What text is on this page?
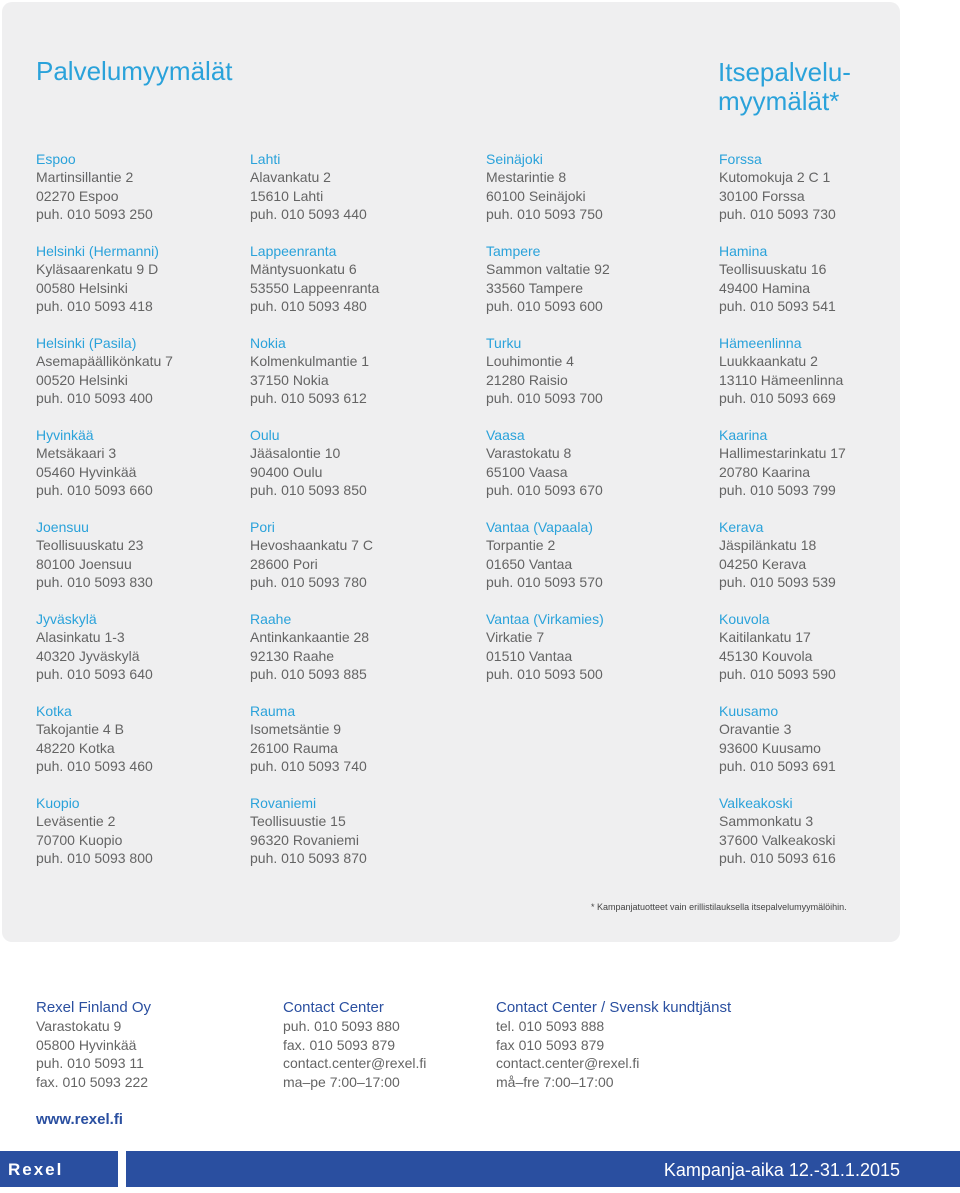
Palvelumyymälät	Itsepalvelu-
myymälät*
Espoo
Martinsillantie 2
02270 Espoo
puh. 010 5093 250
Helsinki (Hermanni)
Kyläsaarenkatu 9 D
00580 Helsinki
puh. 010 5093 418
Helsinki (Pasila)
Asemapäällikönkatu 7
00520 Helsinki
puh. 010 5093 400
Hyvinkää
Metsäkaari 3
05460 Hyvinkää
puh. 010 5093 660
Joensuu
Teollisuuskatu 23
80100 Joensuu
puh. 010 5093 830
Jyväskylä
Alasinkatu 1-3
40320 Jyväskylä
puh. 010 5093 640
Kotka
Takojantie 4 B
48220 Kotka
puh. 010 5093 460
Kuopio
Leväsentie 2
70700 Kuopio
puh. 010 5093 800
Lahti
Alavankatu 2
15610 Lahti
puh. 010 5093 440
Lappeenranta
Mäntysuonkatu 6
53550 Lappeenranta
puh. 010 5093 480
Nokia
Kolmenkulmantie 1
37150 Nokia
puh. 010 5093 612
Oulu
Jääsalontie 10
90400 Oulu
puh. 010 5093 850
Pori
Hevoshaankatu 7 C
28600 Pori
puh. 010 5093 780
Raahe
Antinkankaantie 28
92130 Raahe
puh. 010 5093 885
Rauma
Isometsäntie 9
26100 Rauma
puh. 010 5093 740
Rovaniemi
Teollisuustie 15
96320 Rovaniemi
puh. 010 5093 870
Seinäjoki
Mestarintie 8
60100 Seinäjoki
puh. 010 5093 750
Tampere
Sammon valtatie 92
33560 Tampere
puh. 010 5093 600
Turku
Louhimontie 4
21280 Raisio
puh. 010 5093 700
Vaasa
Varastokatu 8
65100 Vaasa
puh. 010 5093 670
Vantaa (Vapaala)
Torpantie 2
01650 Vantaa
puh. 010 5093 570
Vantaa (Virkamies)
Virkatie 7
01510 Vantaa
puh. 010 5093 500
Forssa
Kutomokuja 2 C 1
30100 Forssa
puh. 010 5093 730
Hamina
Teollisuuskatu 16
49400 Hamina
puh. 010 5093 541
Hämeenlinna
Luukkaankatu 2
13110 Hämeenlinna
puh. 010 5093 669
Kaarina
Hallimestarinkatu 17
20780 Kaarina
puh. 010 5093 799
Kerava
Jäspilänkatu 18
04250 Kerava
puh. 010 5093 539
Kouvola
Kaitilankatu 17
45130 Kouvola
puh. 010 5093 590
Kuusamo
Oravantie 3
93600 Kuusamo
puh. 010 5093 691
Valkeakoski
Sammonkatu 3
37600 Valkeakoski
puh. 010 5093 616
* Kampanjatuotteet vain erillistilauksella itsepalvelumyymälöihin.
Rexel Finland Oy
Varastokatu 9
05800 Hyvinkää
puh. 010 5093 11
fax. 010 5093 222
Contact Center
puh. 010 5093 880
fax. 010 5093 879
contact.center@rexel.fi
ma–pe 7:00–17:00
Contact Center / Svensk kundtjänst
tel. 010 5093 888
fax 010 5093 879
contact.center@rexel.fi
må–fre 7:00–17:00
www.rexel.fi
Rexel	Kampanja-aika 12.-31.1.2015
